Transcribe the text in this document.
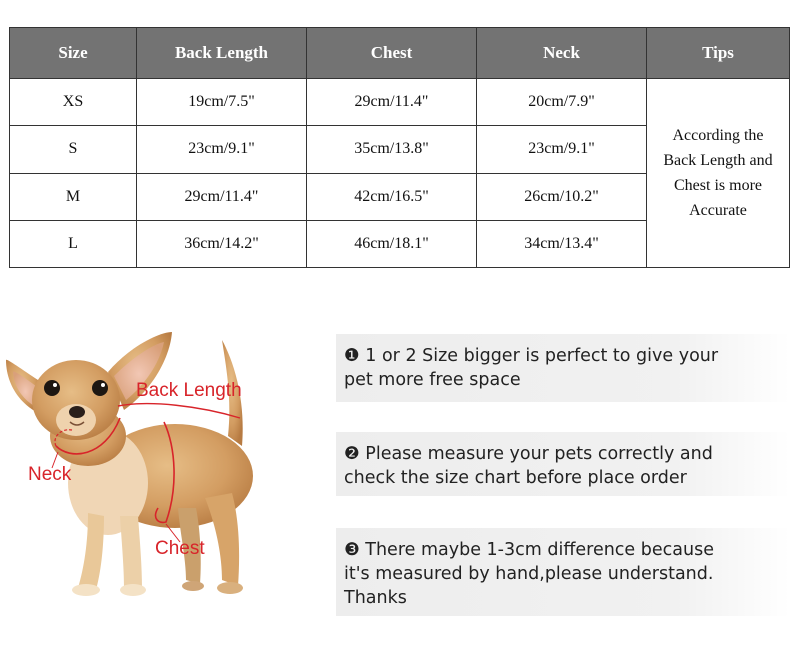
Size	Back Length	Chest	Neck	Tips
XS	19cm/7.5"	29cm/11.4"	20cm/7.9"	According the
Back Length and
Chest is more
Accurate

S	23cm/9.1"	35cm/13.8"	23cm/9.1"	
M	29cm/11.4"	42cm/16.5"	26cm/10.2"	
L	36cm/14.2"	46cm/18.1"	34cm/13.4"	
Back Length
Neck
Chest
❶ 1 or 2 Size bigger is perfect to give your
pet more free space
❷ Please measure your pets correctly and
check the size chart before place order
❸ There maybe 1-3cm difference because
it's measured by hand,please understand.
Thanks
